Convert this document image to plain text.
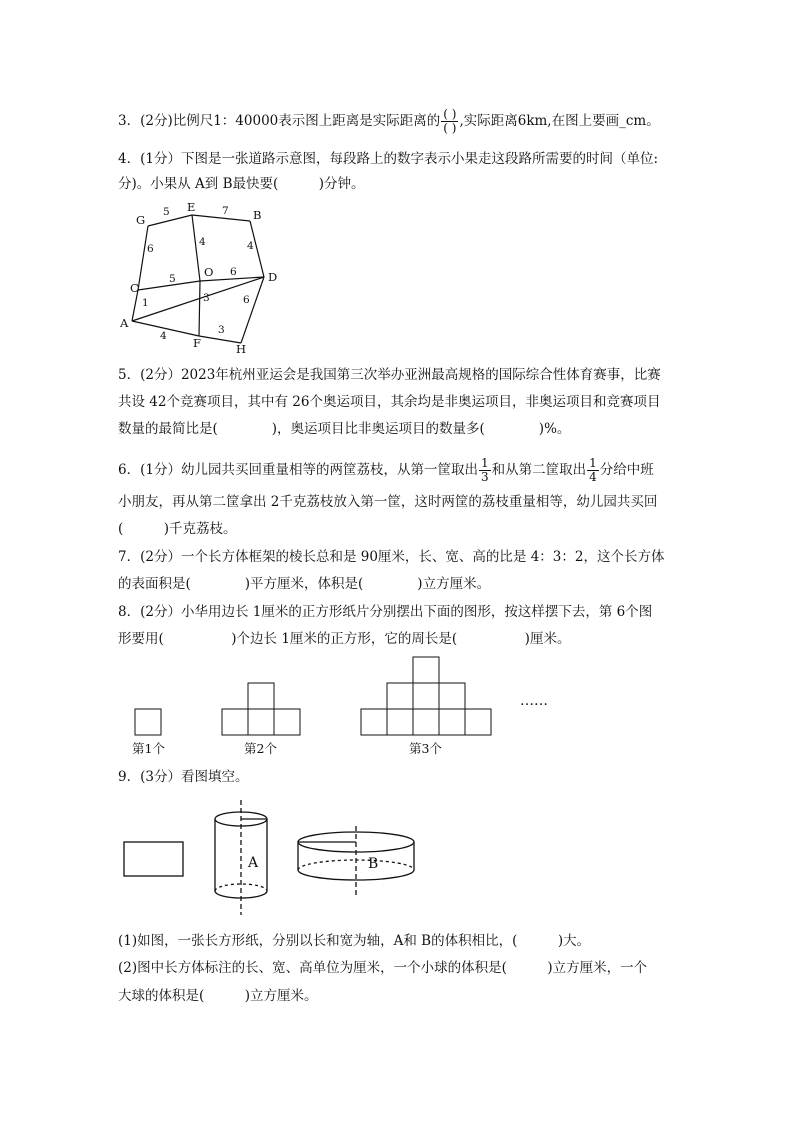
3．(2分)比例尺1：40000表示图上距离是实际距离的 $\frac{( )}{( )}$ ,实际距离6km,在图上要画_cm。
4．(1分）下图是一张道路示意图，每段路上的数字表示小果走这段路所需要的时间（单位:
分)。小果从 A到 B最快要(　　　)分钟。
G
E
B
O	D
C
A
F	H
5	7
6
4	4
5
6
1	3	6
4	3
5．(2分）2023年杭州亚运会是我国第三次举办亚洲最高规格的国际综合性体育赛事，比赛
共设 42个竞赛项目，其中有 26个奥运项目，其余均是非奥运项目，非奥运项目和竞赛项目
数量的最简比是(　　　　)，奥运项目比非奥运项目的数量多(　　　　)%。
6．(1分）幼儿园共买回重量相等的两筐荔枝，从第一筐取出 $\frac{1}{3}$ 和从第二筐取出 $\frac{1}{4}$ 分给中班
小朋友，再从第二筐拿出 2千克荔枝放入第一筐，这时两筐的荔枝重量相等，幼儿园共买回
(　　　)千克荔枝。
7．(2分）一个长方体框架的棱长总和是 90厘米，长、宽、高的比是 4：3：2，这个长方体
的表面积是(　　　　)平方厘米，体积是(　　　　)立方厘米。
8．(2分）小华用边长 1厘米的正方形纸片分别摆出下面的图形，按这样摆下去，第 6个图
形要用(　　　　　)个边长 1厘米的正方形，它的周长是(　　　　　)厘米。
第1个	第2个	第3个
……
9．(3分）看图填空。
A	B
(1)如图，一张长方形纸，分别以长和宽为轴，A和 B的体积相比，(　　　)大。
(2)图中长方体标注的长、宽、高单位为厘米，一个小球的体积是(　　　)立方厘米，一个
大球的体积是(　　　)立方厘米。
